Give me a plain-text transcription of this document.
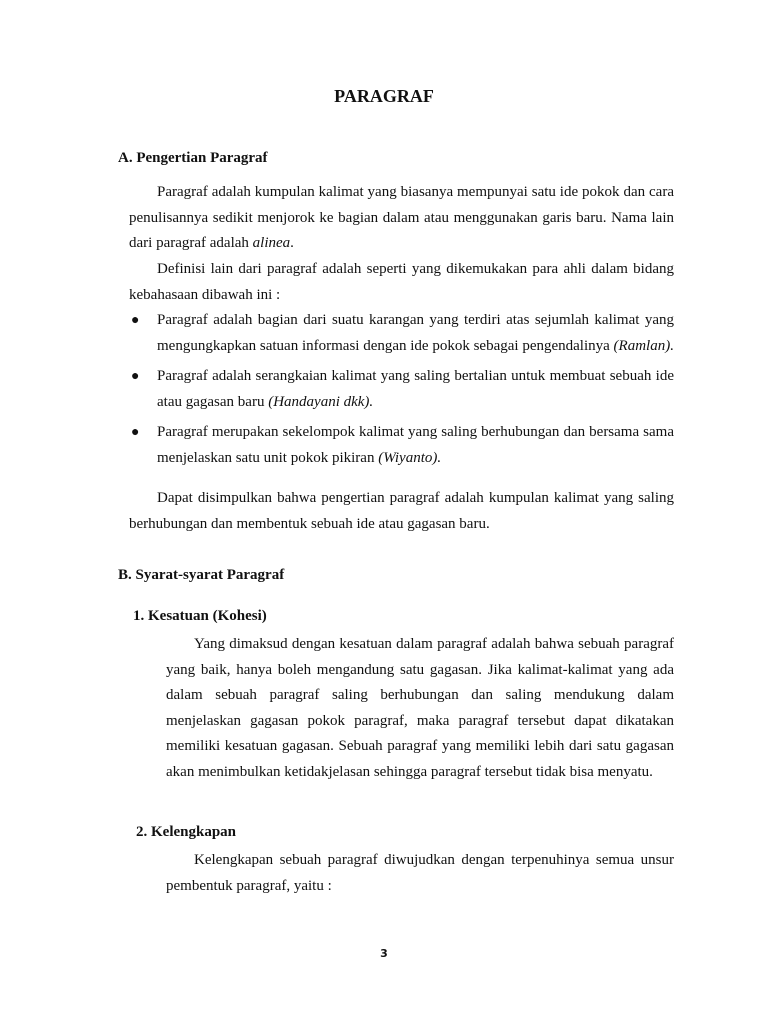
PARAGRAF
A. Pengertian Paragraf
Paragraf adalah kumpulan kalimat yang biasanya mempunyai satu ide pokok dan cara penulisannya sedikit menjorok ke bagian dalam atau menggunakan garis baru. Nama lain dari paragraf adalah alinea.
Definisi lain dari paragraf adalah seperti yang dikemukakan para ahli dalam bidang kebahasaan dibawah ini :
● Paragraf adalah bagian dari suatu karangan yang terdiri atas sejumlah kalimat yang mengungkapkan satuan informasi dengan ide pokok sebagai pengendalinya (Ramlan).
● Paragraf adalah serangkaian kalimat yang saling bertalian untuk membuat sebuah ide atau gagasan baru (Handayani dkk).
● Paragraf merupakan sekelompok kalimat yang saling berhubungan dan bersama sama menjelaskan satu unit pokok pikiran (Wiyanto).
Dapat disimpulkan bahwa pengertian paragraf adalah kumpulan kalimat yang saling berhubungan dan membentuk sebuah ide atau gagasan baru.
B. Syarat-syarat Paragraf
1. Kesatuan (Kohesi)
Yang dimaksud dengan kesatuan dalam paragraf adalah bahwa sebuah paragraf yang baik, hanya boleh mengandung satu gagasan. Jika kalimat-kalimat yang ada dalam sebuah paragraf saling berhubungan dan saling mendukung dalam menjelaskan gagasan pokok paragraf, maka paragraf tersebut dapat dikatakan memiliki kesatuan gagasan. Sebuah paragraf yang memiliki lebih dari satu gagasan akan menimbulkan ketidakjelasan sehingga paragraf tersebut tidak bisa menyatu.
2. Kelengkapan
Kelengkapan sebuah paragraf diwujudkan dengan terpenuhinya semua unsur pembentuk paragraf, yaitu :
3
